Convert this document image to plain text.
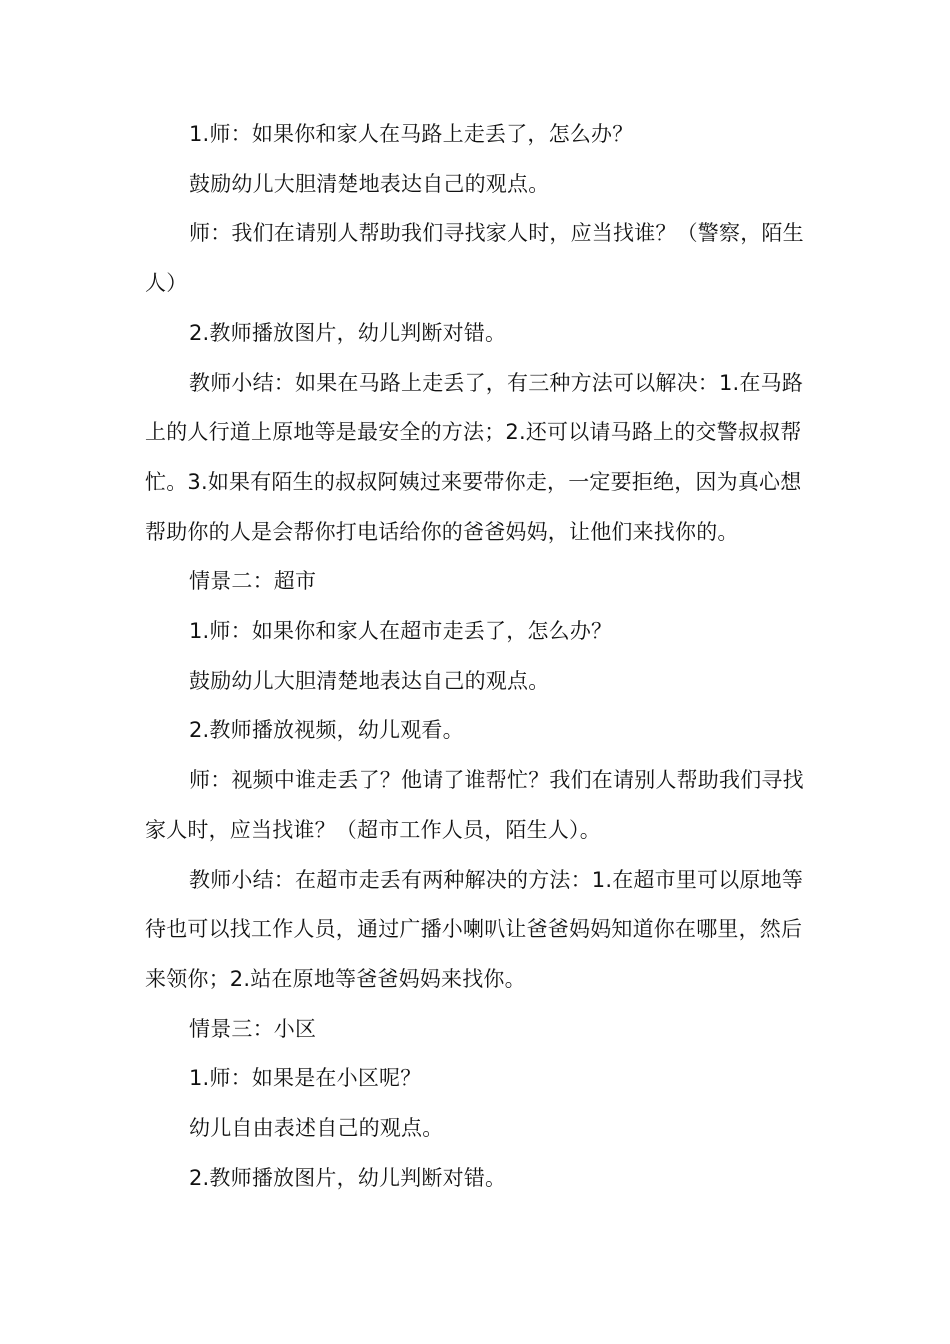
1.师：如果你和家人在马路上走丢了，怎么办？

鼓励幼儿大胆清楚地表达自己的观点。

师：我们在请别人帮助我们寻找家人时，应当找谁？（警察，陌生人）

2.教师播放图片，幼儿判断对错。

教师小结：如果在马路上走丢了，有三种方法可以解决：1.在马路上的人行道上原地等是最安全的方法；2.还可以请马路上的交警叔叔帮忙。3.如果有陌生的叔叔阿姨过来要带你走，一定要拒绝，因为真心想帮助你的人是会帮你打电话给你的爸爸妈妈，让他们来找你的。

情景二：超市

1.师：如果你和家人在超市走丢了，怎么办？

鼓励幼儿大胆清楚地表达自己的观点。

2.教师播放视频，幼儿观看。

师：视频中谁走丢了？他请了谁帮忙？我们在请别人帮助我们寻找家人时，应当找谁？（超市工作人员，陌生人）。

教师小结：在超市走丢有两种解决的方法：1.在超市里可以原地等待也可以找工作人员，通过广播小喇叭让爸爸妈妈知道你在哪里，然后来领你；2.站在原地等爸爸妈妈来找你。

情景三：小区

1.师：如果是在小区呢？

幼儿自由表述自己的观点。

2.教师播放图片，幼儿判断对错。
